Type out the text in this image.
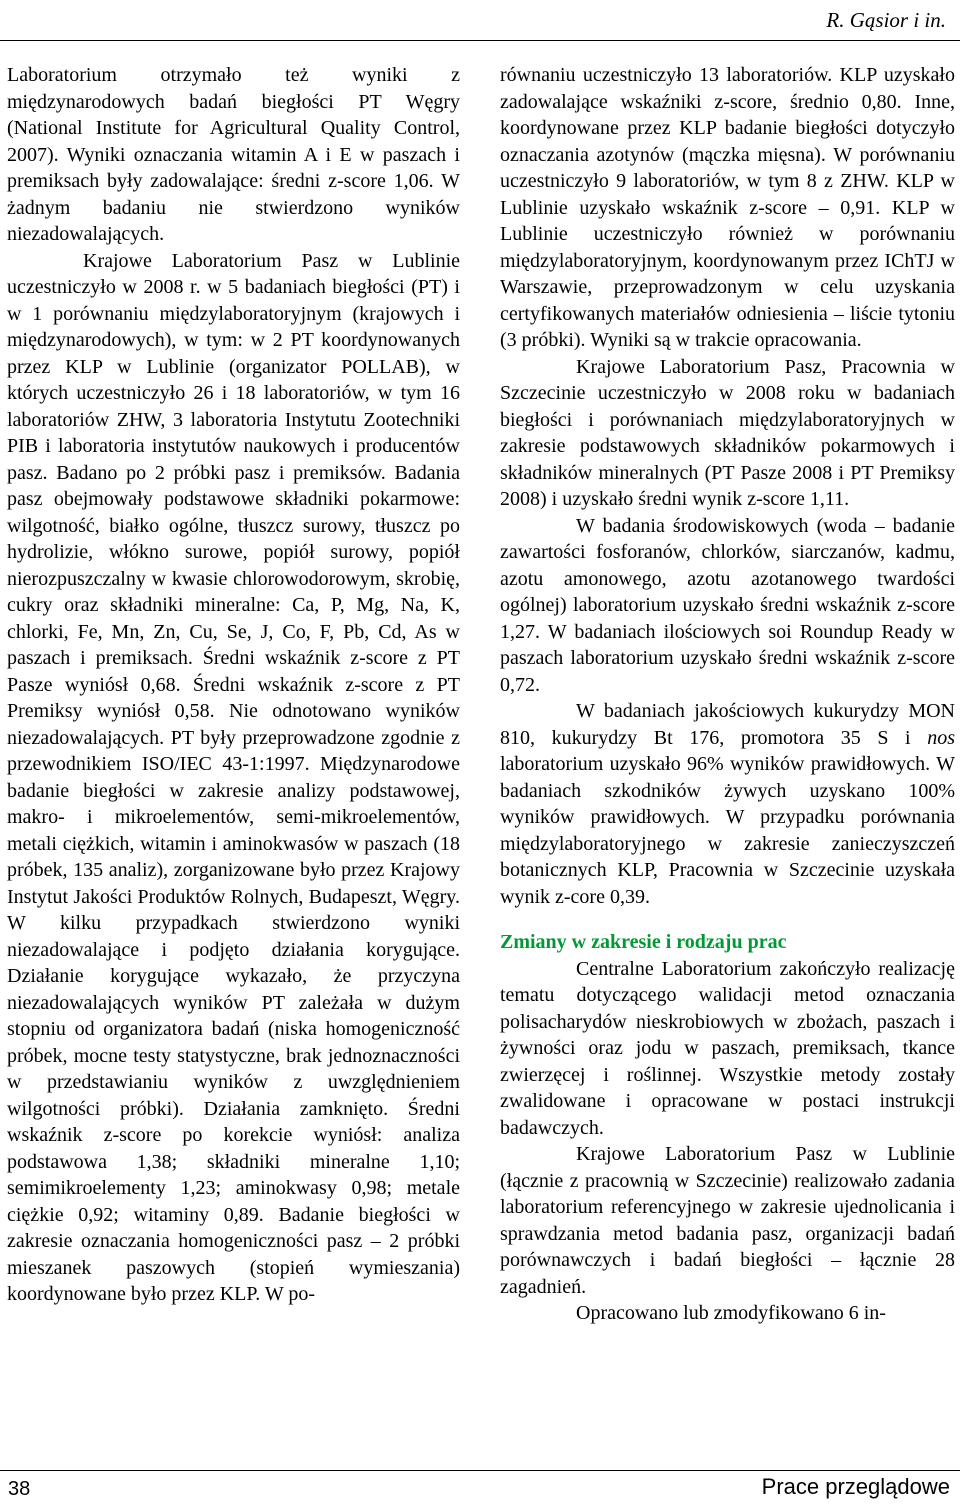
R. Gąsior i in.

Laboratorium otrzymało też wyniki z międzynarodowych badań biegłości PT Węgry (National Institute for Agricultural Quality Control, 2007). Wyniki oznaczania witamin A i E w paszach i premiksach były zadowalające: średni z-score 1,06. W żadnym badaniu nie stwierdzono wyników niezadowalających.

Krajowe Laboratorium Pasz w Lublinie uczestniczyło w 2008 r. w 5 badaniach biegłości (PT) i w 1 porównaniu międzylaboratoryjnym (krajowych i międzynarodowych), w tym: w 2 PT koordynowanych przez KLP w Lublinie (organizator POLLAB), w których uczestniczyło 26 i 18 laboratoriów, w tym 16 laboratoriów ZHW, 3 laboratoria Instytutu Zootechniki PIB i laboratoria instytutów naukowych i producentów pasz. Badano po 2 próbki pasz i premiksów. Badania pasz obejmowały podstawowe składniki pokarmowe: wilgotność, białko ogólne, tłuszcz surowy, tłuszcz po hydrolizie, włókno surowe, popiół surowy, popiół nierozpuszczalny w kwasie chlorowodorowym, skrobię, cukry oraz składniki mineralne: Ca, P, Mg, Na, K, chlorki, Fe, Mn, Zn, Cu, Se, J, Co, F, Pb, Cd, As w paszach i premiksach. Średni wskaźnik z-score z PT Pasze wyniósł 0,68. Średni wskaźnik z-score z PT Premiksy wyniósł 0,58. Nie odnotowano wyników niezadowalających. PT były przeprowadzone zgodnie z przewodnikiem ISO/IEC 43-1:1997. Międzynarodowe badanie biegłości w zakresie analizy podstawowej, makro- i mikroelementów, semi-mikroelementów, metali ciężkich, witamin i aminokwasów w paszach (18 próbek, 135 analiz), zorganizowane było przez Krajowy Instytut Jakości Produktów Rolnych, Budapeszt, Węgry. W kilku przypadkach stwierdzono wyniki niezadowalające i podjęto działania korygujące. Działanie korygujące wykazało, że przyczyna niezadowalających wyników PT zależała w dużym stopniu od organizatora badań (niska homogeniczność próbek, mocne testy statystyczne, brak jednoznaczności w przedstawianiu wyników z uwzględnieniem wilgotności próbki). Działania zamknięto. Średni wskaźnik z-score po korekcie wyniósł: analiza podstawowa 1,38; składniki mineralne 1,10; semimikroelementy 1,23; aminokwasy 0,98; metale ciężkie 0,92; witaminy 0,89. Badanie biegłości w zakresie oznaczania homogeniczności pasz – 2 próbki mieszanek paszowych (stopień wymieszania) koordynowane było przez KLP. W po-

równaniu uczestniczyło 13 laboratoriów. KLP uzyskało zadowalające wskaźniki z-score, średnio 0,80. Inne, koordynowane przez KLP badanie biegłości dotyczyło oznaczania azotynów (mączka mięsna). W porównaniu uczestniczyło 9 laboratoriów, w tym 8 z ZHW. KLP w Lublinie uzyskało wskaźnik z-score – 0,91. KLP w Lublinie uczestniczyło również w porównaniu międzylaboratoryjnym, koordynowanym przez IChTJ w Warszawie, przeprowadzonym w celu uzyskania certyfikowanych materiałów odniesienia – liście tytoniu (3 próbki). Wyniki są w trakcie opracowania.

Krajowe Laboratorium Pasz, Pracownia w Szczecinie uczestniczyło w 2008 roku w badaniach biegłości i porównaniach międzylaboratoryjnych w zakresie podstawowych składników pokarmowych i składników mineralnych (PT Pasze 2008 i PT Premiksy 2008) i uzyskało średni wynik z-score 1,11.

W badania środowiskowych (woda – badanie zawartości fosforanów, chlorków, siarczanów, kadmu, azotu amonowego, azotu azotanowego twardości ogólnej) laboratorium uzyskało średni wskaźnik z-score 1,27. W badaniach ilościowych soi Roundup Ready w paszach laboratorium uzyskało średni wskaźnik z-score 0,72.

W badaniach jakościowych kukurydzy MON 810, kukurydzy Bt 176, promotora 35 S i nos laboratorium uzyskało 96% wyników prawidłowych. W badaniach szkodników żywych uzyskano 100% wyników prawidłowych. W przypadku porównania międzylaboratoryjnego w zakresie zanieczyszczeń botanicznych KLP, Pracownia w Szczecinie uzyskała wynik z-core 0,39.

Zmiany w zakresie i rodzaju prac

Centralne Laboratorium zakończyło realizację tematu dotyczącego walidacji metod oznaczania polisacharydów nieskrobiowych w zbożach, paszach i żywności oraz jodu w paszach, premiksach, tkance zwierzęcej i roślinnej. Wszystkie metody zostały zwalidowane i opracowane w postaci instrukcji badawczych.

Krajowe Laboratorium Pasz w Lublinie (łącznie z pracownią w Szczecinie) realizowało zadania laboratorium referencyjnego w zakresie ujednolicania i sprawdzania metod badania pasz, organizacji badań porównawczych i badań biegłości – łącznie 28 zagadnień.

Opracowano lub zmodyfikowano 6 in-

38	Prace przeglądowe
